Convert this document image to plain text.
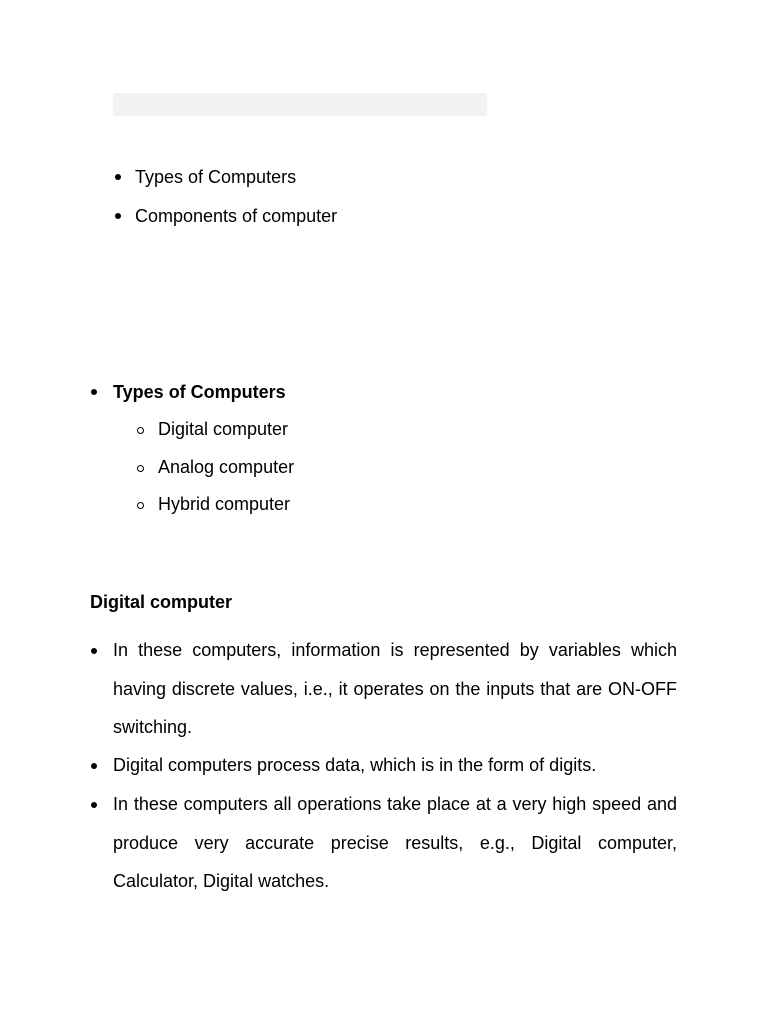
Types of Computers
Components of computer
Types of Computers
Digital computer
Analog computer
Hybrid computer
Digital computer
In these computers, information is represented by variables which having discrete values, i.e., it operates on the inputs that are ON-OFF switching.
Digital computers process data, which is in the form of digits.
In these computers all operations take place at a very high speed and produce very accurate precise results, e.g., Digital computer, Calculator, Digital watches.
